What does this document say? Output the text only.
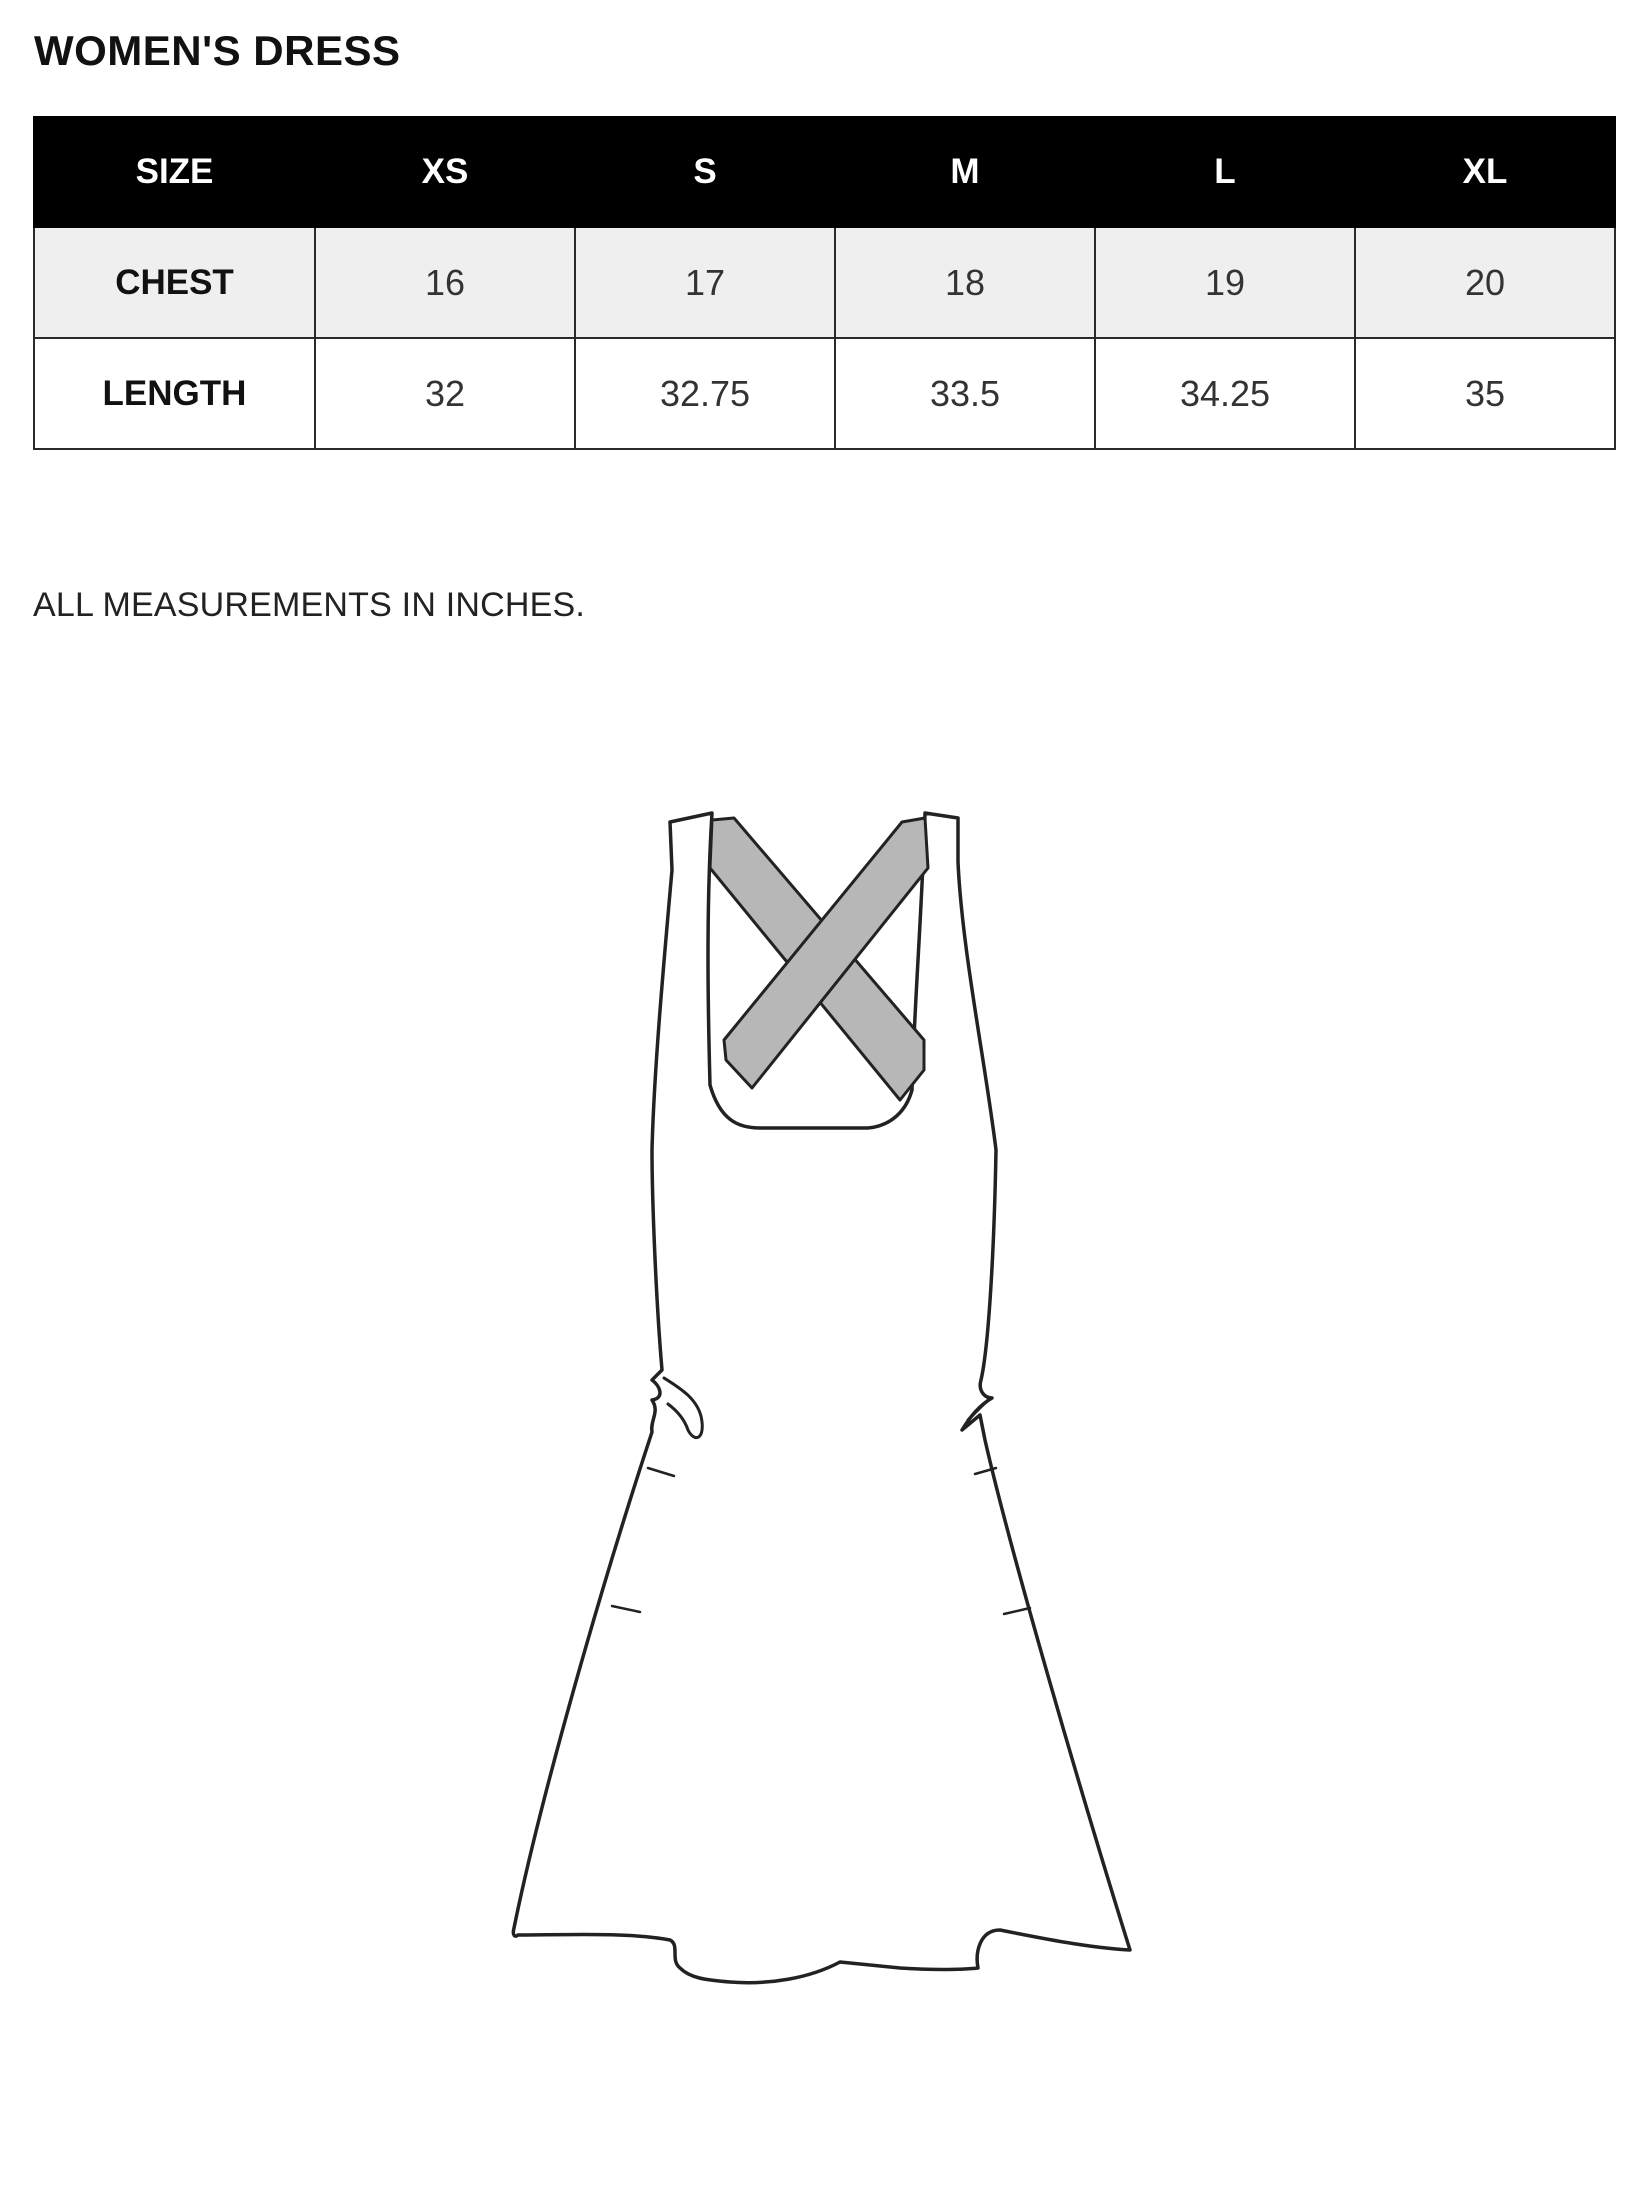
WOMEN'S DRESS
SIZE	XS	S	M	L	XL
CHEST	16	17	18	19	20
LENGTH	32	32.75	33.5	34.25	35

ALL MEASUREMENTS IN INCHES.
